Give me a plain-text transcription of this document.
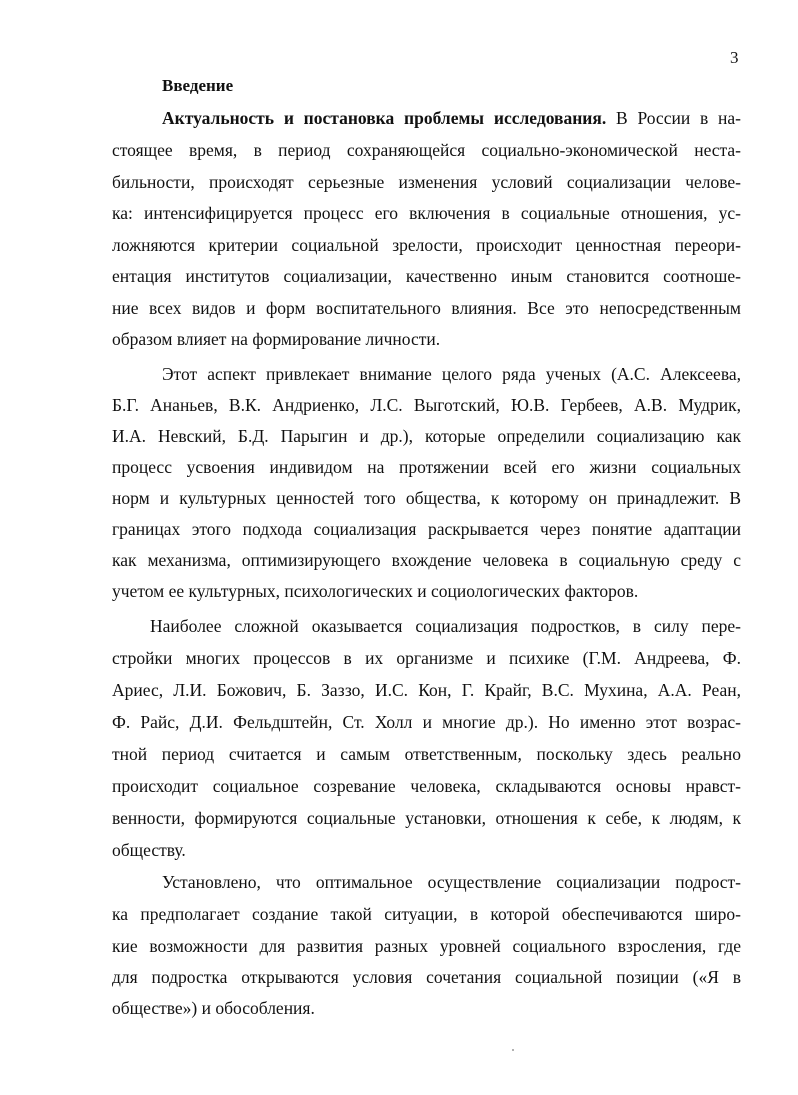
3
Введение
Актуальность и постановка проблемы исследования. В России в на-
стоящее время, в период сохраняющейся социально-экономической неста-
бильности, происходят серьезные изменения условий социализации челове-
ка: интенсифицируется процесс его включения в социальные отношения, ус-
ложняются критерии социальной зрелости, происходит ценностная переори-
ентация институтов социализации, качественно иным становится соотноше-
ние всех видов и форм воспитательного влияния. Все это непосредственным
образом влияет на формирование личности.
Этот аспект привлекает внимание целого ряда ученых (А.С. Алексеева,
Б.Г. Ананьев, В.К. Андриенко, Л.С. Выготский, Ю.В. Гербеев, А.В. Мудрик,
И.А. Невский, Б.Д. Парыгин и др.), которые определили социализацию как
процесс усвоения индивидом на протяжении всей его жизни социальных
норм и культурных ценностей того общества, к которому он принадлежит. В
границах этого подхода социализация раскрывается через понятие адаптации
как механизма, оптимизирующего вхождение человека в социальную среду с
учетом ее культурных, психологических и социологических факторов.
Наиболее сложной оказывается социализация подростков, в силу пере-
стройки многих процессов в их организме и психике (Г.М. Андреева, Ф.
Ариес, Л.И. Божович, Б. Заззо, И.С. Кон, Г. Крайг, В.С. Мухина, А.А. Реан,
Ф. Райс, Д.И. Фельдштейн, Ст. Холл и многие др.). Но именно этот возрас-
тной период считается и самым ответственным, поскольку здесь реально
происходит социальное созревание человека, складываются основы нравст-
венности, формируются социальные установки, отношения к себе, к людям, к
обществу.
Установлено, что оптимальное осуществление социализации подрост-
ка предполагает создание такой ситуации, в которой обеспечиваются широ-
кие возможности для развития разных уровней социального взросления, где
для подростка открываются условия сочетания социальной позиции («Я в
обществе») и обособления.
